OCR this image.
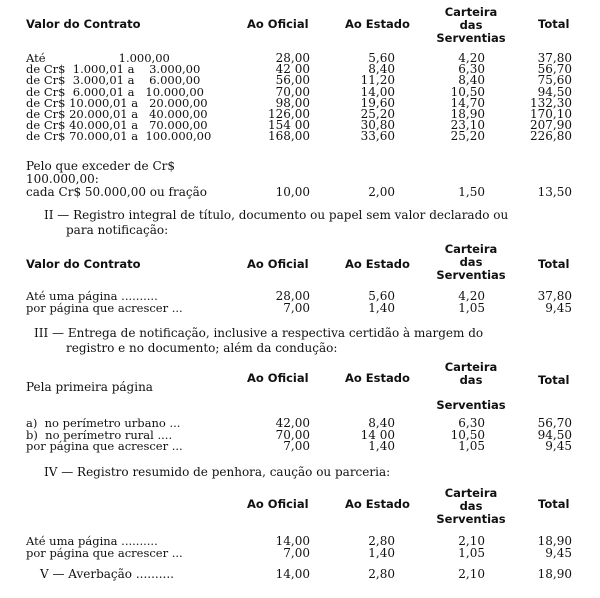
Valor do Contrato	Ao Oficial	Ao Estado
Carteira
das
Serventias
Total
Até                    1.000,00	28,00	5,60	4,20	37,80
de Cr$  1.000,01 a    3.000,00	42 00	8,40	6,30	56,70
de Cr$  3.000,01 a    6.000,00	56,00	11,20	8,40	75,60
de Cr$  6.000,01 a   10.000,00	70,00	14,00	10,50	94,50
de Cr$ 10.000,01 a   20.000,00	98,00	19,60	14,70	132,30
de Cr$ 20.000,01 a   40.000,00	126,00	25,20	18,90	170,10
de Cr$ 40.000,01 a   70.000,00	154 00	30,80	23,10	207,90
de Cr$ 70.000,01 a  100.000,00	168,00	33,60	25,20	226,80
Pelo que exceder de Cr$
100.000,00:
cada Cr$ 50.000,00 ou fração	10,00	2,00	1,50	13,50
II — Registro integral de título, documento ou papel sem valor declarado ou
para notificação:
Valor do Contrato	Ao Oficial	Ao Estado
Carteira
das
Serventias
Total
Até uma página ..........	28,00	5,60	4,20	37,80
por página que acrescer ...	7,00	1,40	1,05	9,45
III — Entrega de notificação, inclusive a respectiva certidão à margem do
registro e no documento; além da condução:
Pela primeira página
Ao Oficial	Ao Estado
Carteira
das
Serventias
Total
a)  no perímetro urbano ...	42,00	8,40	6,30	56,70
b)  no perímetro rural ....	70,00	14 00	10,50	94,50
por página que acrescer ...	7,00	1,40	1,05	9,45
IV — Registro resumido de penhora, caução ou parceria:
Ao Oficial	Ao Estado
Carteira
das
Serventias
Total
Até uma página ..........	14,00	2,80	2,10	18,90
por página que acrescer ...	7,00	1,40	1,05	9,45
V — Averbação ..........	14,00	2,80	2,10	18,90
